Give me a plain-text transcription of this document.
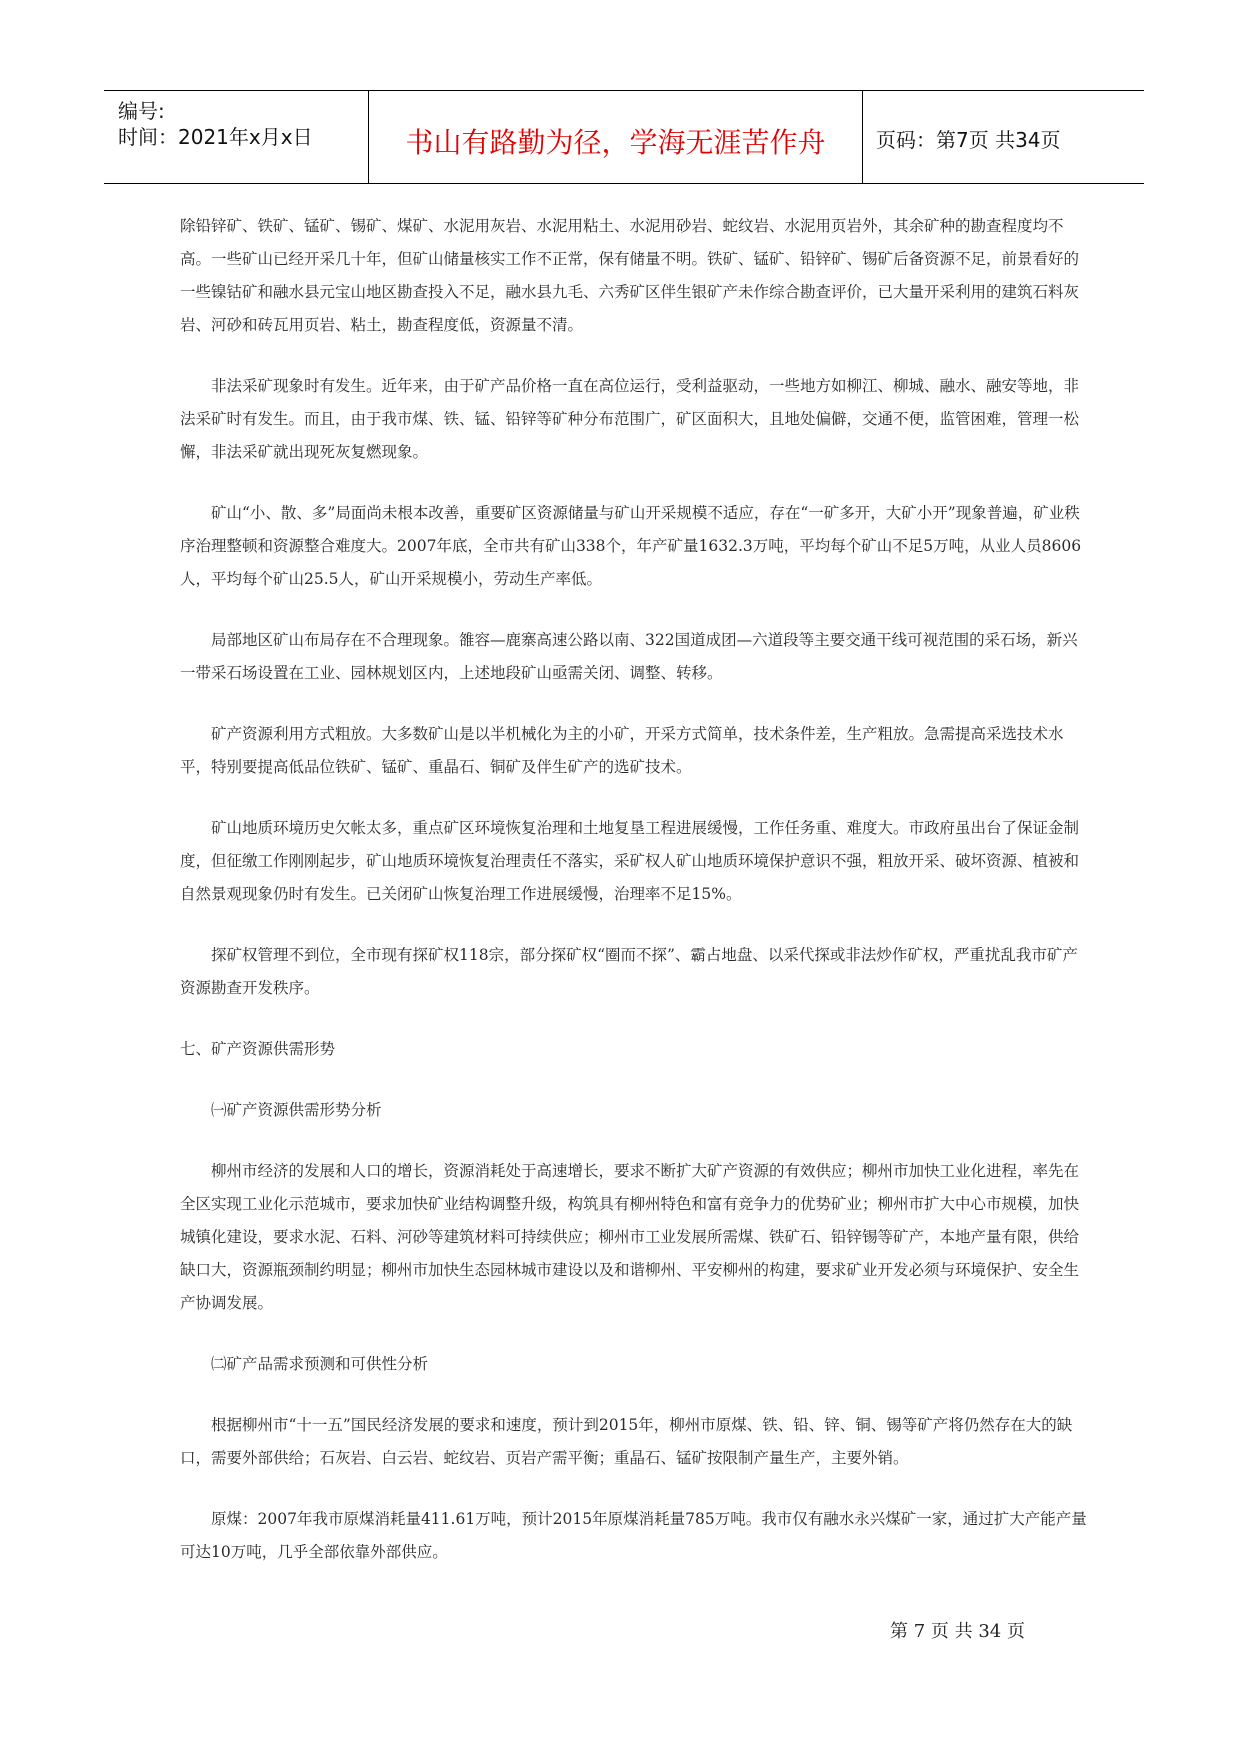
编号:
时间：2021年x月x日	书山有路勤为径，学海无涯苦作舟	页码：第7页 共34页

除铅锌矿、铁矿、锰矿、锡矿、煤矿、水泥用灰岩、水泥用粘土、水泥用砂岩、蛇纹岩、水泥用页岩外，其余矿种的勘查程度均不高。一些矿山已经开采几十年，但矿山储量核实工作不正常，保有储量不明。铁矿、锰矿、铅锌矿、锡矿后备资源不足，前景看好的一些镍钴矿和融水县元宝山地区勘查投入不足，融水县九毛、六秀矿区伴生银矿产未作综合勘查评价，已大量开采利用的建筑石料灰岩、河砂和砖瓦用页岩、粘土，勘查程度低，资源量不清。

非法采矿现象时有发生。近年来，由于矿产品价格一直在高位运行，受利益驱动，一些地方如柳江、柳城、融水、融安等地，非法采矿时有发生。而且，由于我市煤、铁、锰、铅锌等矿种分布范围广，矿区面积大，且地处偏僻，交通不便，监管困难，管理一松懈，非法采矿就出现死灰复燃现象。

矿山“小、散、多”局面尚未根本改善，重要矿区资源储量与矿山开采规模不适应，存在“一矿多开，大矿小开”现象普遍，矿业秩序治理整顿和资源整合难度大。2007年底，全市共有矿山338个，年产矿量1632.3万吨，平均每个矿山不足5万吨，从业人员8606人，平均每个矿山25.5人，矿山开采规模小，劳动生产率低。

局部地区矿山布局存在不合理现象。雒容—鹿寨高速公路以南、322国道成团—六道段等主要交通干线可视范围的采石场，新兴一带采石场设置在工业、园林规划区内，上述地段矿山亟需关闭、调整、转移。

矿产资源利用方式粗放。大多数矿山是以半机械化为主的小矿，开采方式简单，技术条件差，生产粗放。急需提高采选技术水平，特别要提高低品位铁矿、锰矿、重晶石、铜矿及伴生矿产的选矿技术。

矿山地质环境历史欠帐太多，重点矿区环境恢复治理和土地复垦工程进展缓慢，工作任务重、难度大。市政府虽出台了保证金制度，但征缴工作刚刚起步，矿山地质环境恢复治理责任不落实，采矿权人矿山地质环境保护意识不强，粗放开采、破坏资源、植被和自然景观现象仍时有发生。已关闭矿山恢复治理工作进展缓慢，治理率不足15%。

探矿权管理不到位，全市现有探矿权118宗，部分探矿权“圈而不探”、霸占地盘、以采代探或非法炒作矿权，严重扰乱我市矿产资源勘查开发秩序。

七、矿产资源供需形势
㈠矿产资源供需形势分析

柳州市经济的发展和人口的增长，资源消耗处于高速增长，要求不断扩大矿产资源的有效供应；柳州市加快工业化进程，率先在全区实现工业化示范城市，要求加快矿业结构调整升级，构筑具有柳州特色和富有竞争力的优势矿业；柳州市扩大中心市规模，加快城镇化建设，要求水泥、石料、河砂等建筑材料可持续供应；柳州市工业发展所需煤、铁矿石、铅锌锡等矿产，本地产量有限，供给缺口大，资源瓶颈制约明显；柳州市加快生态园林城市建设以及和谐柳州、平安柳州的构建，要求矿业开发必须与环境保护、安全生产协调发展。

㈡矿产品需求预测和可供性分析

根据柳州市“十一五”国民经济发展的要求和速度，预计到2015年，柳州市原煤、铁、铅、锌、铜、锡等矿产将仍然存在大的缺口，需要外部供给；石灰岩、白云岩、蛇纹岩、页岩产需平衡；重晶石、锰矿按限制产量生产，主要外销。

原煤：2007年我市原煤消耗量411.61万吨，预计2015年原煤消耗量785万吨。我市仅有融水永兴煤矿一家，通过扩大产能产量可达10万吨，几乎全部依靠外部供应。

第 7 页 共 34 页
